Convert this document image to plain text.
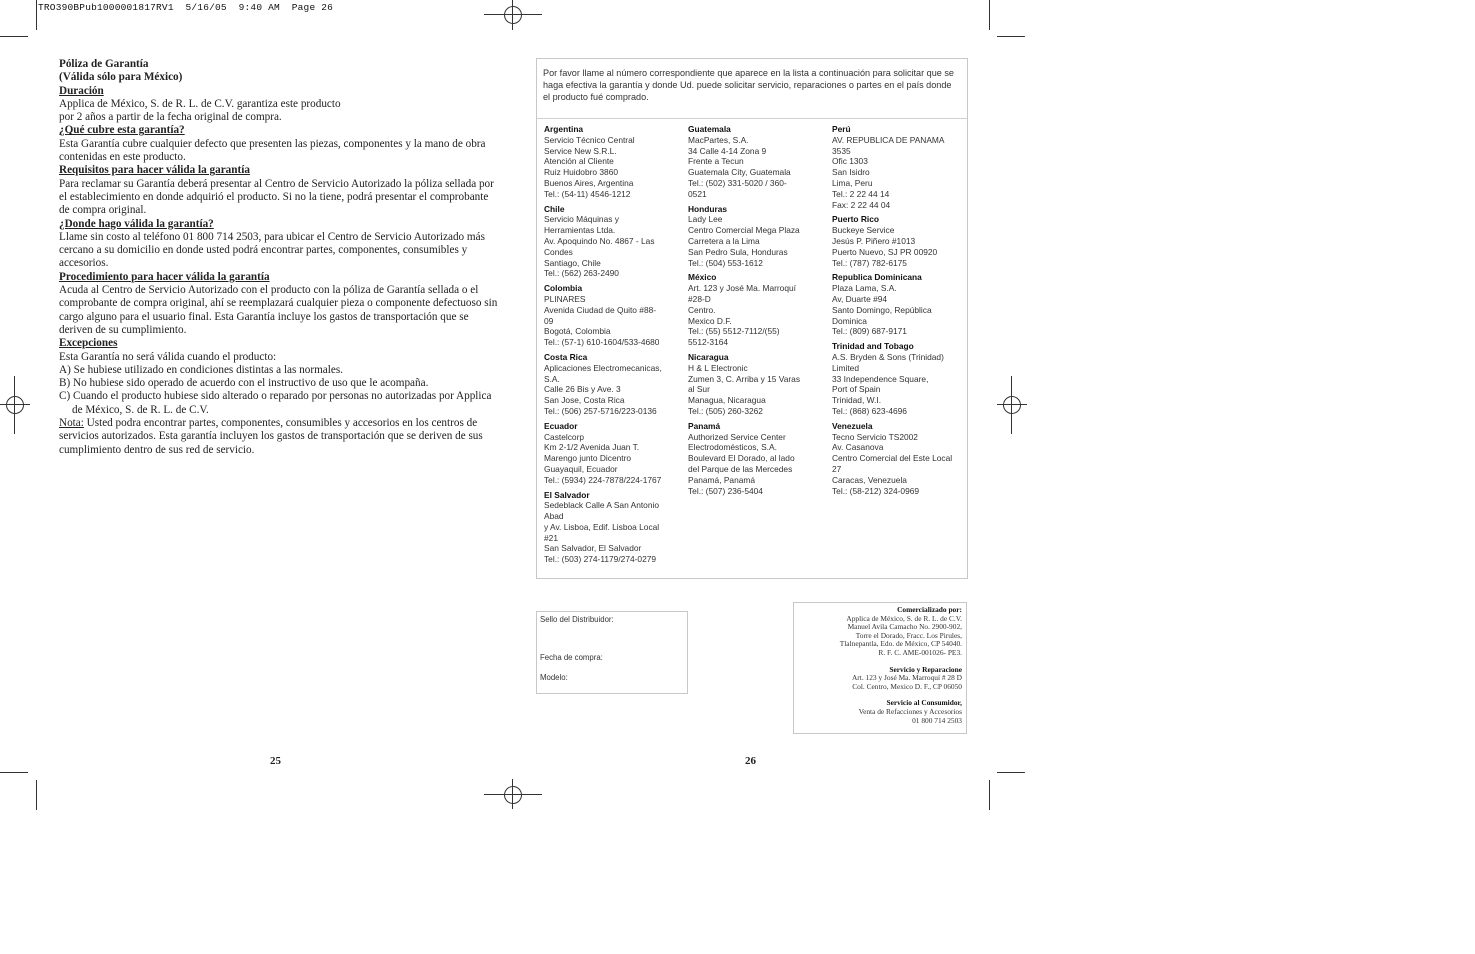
TRO390BPub1000001817RV1  5/16/05  9:40 AM  Page 26
Póliza de Garantía
(Válida sólo para México)
Duración
Applica de México, S. de R. L. de C.V. garantiza este producto
por 2 años a partir de la fecha original de compra.
¿Qué cubre esta garantía?
Esta Garantía cubre cualquier defecto que presenten las piezas, componentes y la mano de obra contenidas en este producto.
Requisitos para hacer válida la garantía
Para reclamar su Garantía deberá presentar al Centro de Servicio Autorizado la póliza sellada por el establecimiento en donde adquirió el producto. Si no la tiene, podrá presentar el comprobante de compra original.
¿Donde hago válida la garantía?
Llame sin costo al teléfono 01 800 714 2503, para ubicar el Centro de Servicio Autorizado más cercano a su domicilio en donde usted podrá encontrar partes, componentes, consumibles y accesorios.
Procedimiento para hacer válida la garantía
Acuda al Centro de Servicio Autorizado con el producto con la póliza de Garantía sellada o el comprobante de compra original, ahí se reemplazará cualquier pieza o componente defectuoso sin cargo alguno para el usuario final. Esta Garantía incluye los gastos de transportación que se deriven de su cumplimiento.
Excepciones
Esta Garantía no será válida cuando el producto:
A) Se hubiese utilizado en condiciones distintas a las normales.
B) No hubiese sido operado de acuerdo con el instructivo de uso que le acompaña.
C) Cuando el producto hubiese sido alterado o reparado por personas no autorizadas por Applica de México, S. de R. L. de C.V.
Nota: Usted podra encontrar partes, componentes, consumibles y accesorios en los centros de servicios autorizados. Esta garantía incluyen los gastos de transportación que se deriven de sus cumplimiento dentro de sus red de servicio.
25
Por favor llame al número correspondiente que aparece en la lista a continuación para solicitar que se haga efectiva la garantía y donde Ud. puede solicitar servicio, reparaciones o partes en el país donde el producto fué comprado.
Argentina
Servicio Técnico Central
Service New S.R.L.
Atención al Cliente
Ruiz Huidobro 3860
Buenos Aires, Argentina
Tel.: (54-11) 4546-1212
Chile
Servicio Máquinas y
Herramientas Ltda.
Av. Apoquindo No. 4867 - Las
Condes
Santiago, Chile
Tel.: (562) 263-2490
Colombia
PLINARES
Avenida Ciudad de Quito #88-
09
Bogotá, Colombia
Tel.: (57-1) 610-1604/533-4680
Costa Rica
Aplicaciones Electromecanicas,
S.A.
Calle 26 Bis y Ave. 3
San Jose, Costa Rica
Tel.: (506) 257-5716/223-0136
Ecuador
Castelcorp
Km 2-1/2 Avenida Juan T.
Marengo junto Dicentro
Guayaquil, Ecuador
Tel.: (5934) 224-7878/224-1767
El Salvador
Sedeblack Calle A San Antonio
Abad
y Av. Lisboa, Edif. Lisboa Local
#21
San Salvador, El Salvador
Tel.: (503) 274-1179/274-0279
Guatemala
MacPartes, S.A.
34 Calle 4-14 Zona 9
Frente a Tecun
Guatemala City, Guatemala
Tel.: (502) 331-5020 / 360-
0521
Honduras
Lady Lee
Centro Comercial Mega Plaza
Carretera a la Lima
San Pedro Sula, Honduras
Tel.: (504) 553-1612
México
Art. 123 y José Ma. Marroquí
#28-D
Centro.
Mexico D.F.
Tel.: (55) 5512-7112/(55)
5512-3164
Nicaragua
H & L Electronic
Zumen 3, C. Arriba y 15 Varas
al Sur
Managua, Nicaragua
Tel.: (505) 260-3262
Panamá
Authorized Service Center
Electrodomésticos, S.A.
Boulevard El Dorado, al lado
del Parque de las Mercedes
Panamá, Panamá
Tel.: (507) 236-5404
Perú
AV. REPUBLICA DE PANAMA
3535
Ofic 1303
San Isidro
Lima, Peru
Tel.: 2 22 44 14
Fax: 2 22 44 04
Puerto Rico
Buckeye Service
Jesús P. Piñero #1013
Puerto Nuevo, SJ PR 00920
Tel.: (787) 782-6175
Republica Dominicana
Plaza Lama, S.A.
Av, Duarte #94
Santo Domingo, República
Dominica
Tel.: (809) 687-9171
Trinidad and Tobago
A.S. Bryden & Sons (Trinidad)
Limited
33 Independence Square,
Port of Spain
Trinidad, W.I.
Tel.: (868) 623-4696
Venezuela
Tecno Servicio TS2002
Av. Casanova
Centro Comercial del Este Local
27
Caracas, Venezuela
Tel.: (58-212) 324-0969
Sello del Distribuidor:
Fecha de compra:
Modelo:
Comercializado por:
Applica de México, S. de R. L. de C.V.
Manuel Avila Camacho No. 2900-902,
Torre el Dorado, Fracc. Los Pirules,
Tlalnepantla, Edo. de México, CP 54040.
R. F. C. AME-001026- PE3.
Servicio y Reparacione
Art. 123 y José Ma. Marroquí # 28 D
Col. Centro, Mexico D. F., CP 06050
Servicio al Consumidor,
Venta de Refacciones y Accesorios
01 800 714 2503
26
